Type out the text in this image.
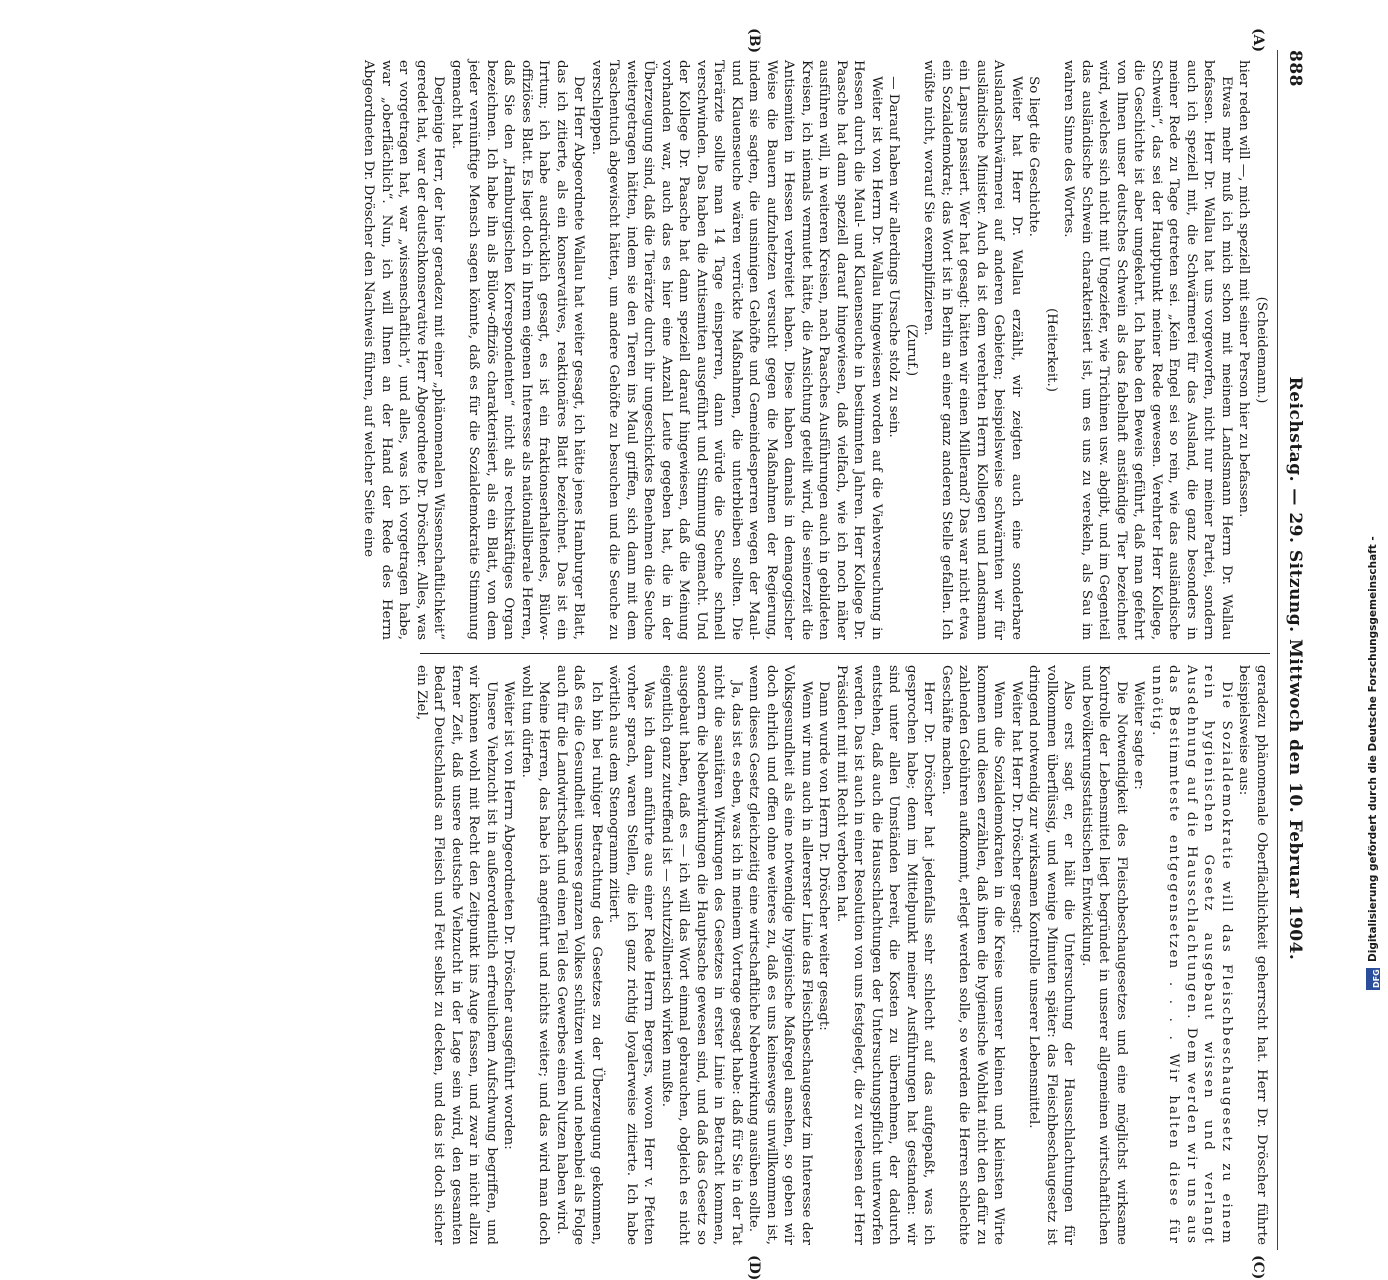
888
Reichstag. — 29. Sitzung. Mittwoch den 10. Februar 1904.
(A)
(B)
(C)
(D)

(Scheidemann.)

hier reden will —, mich speziell mit seiner Person hier zu befassen.

Etwas mehr muß ich mich schon mit meinem Landsmann Herrn Dr. Wallau befassen. Herr Dr. Wallau hat uns vorgeworfen, nicht nur meiner Partei, sondern auch ich speziell mit, die Schwärmerei für das Ausland, die ganz besonders in meiner Rede zu Tage getreten sei. „Kein Engel sei so rein, wie das ausländische Schwein“, das sei der Hauptpunkt meiner Rede gewesen. Verehrter Herr Kollege, die Geschichte ist aber umgekehrt. Ich habe den Beweis geführt, daß man gefehrt von Ihnen unser deutsches Schwein als das fabelhaft anständige Tier bezeichnet wird, welches sich nicht mit Ungeziefer, wie Trichinen usw. abgibt, und im Gegenteil das ausländische Schwein charakterisiert ist, um es uns zu verekeln, als Sau im wahren Sinne des Wortes.

(Heiterkeit.)

So liegt die Geschichte.

Weiter hat Herr Dr. Wallau erzählt, wir zeigten auch eine sonderbare Auslandsschwärmerei auf anderen Gebieten; beispielsweise schwärmten wir für ausländische Minister. Auch da ist dem verehrten Herrn Kollegen und Landsmann ein Lapsus passiert. Wer hat gesagt: hätten wir einen Millerand? Das war nicht etwa ein Sozialdemokrat; das Wort ist in Berlin an einer ganz anderen Stelle gefallen. Ich wüßte nicht, worauf Sie exemplifizieren.

(Zuruf.)

— Darauf haben wir allerdings Ursache stolz zu sein.

Weiter ist von Herrn Dr. Wallau hingewiesen worden auf die Viehverseuchung in Hessen durch die Maul- und Klauenseuche in bestimmten Jahren. Herr Kollege Dr. Paasche hat dann speziell darauf hingewiesen, daß vielfach, wie ich noch näher ausführen will, in weiteren Kreisen, nach Paasches Ausführungen auch in gebildeten Kreisen, ich niemals vermutet hätte, die Ansichtung geteilt wird, die seinerzeit die Antisemiten in Hessen verbreitet haben. Diese haben damals in demagogischer Weise die Bauern aufzuhetzen versucht gegen die Maßnahmen der Regierung, indem sie sagten, die unsinnigen Gehöfte und Gemeindesperren wegen der Maul- und Klauenseuche wären verrückte Maßnahmen, die unterbleiben sollten. Die Tierärzte sollte man 14 Tage einsperren, dann würde die Seuche schnell verschwinden. Das haben die Antisemiten ausgeführt und Stimmung gemacht. Und der Kollege Dr. Paasche hat dann speziell darauf hingewiesen, daß die Meinung vorhanden war, auch das es hier eine Anzahl Leute gegeben hat, die in der Überzeugung sind, daß die Tierärzte durch ihr ungeschicktes Benehmen die Seuche weitergetragen hätten, indem sie den Tieren ins Maul griffen, sich dann mit dem Taschentuch abgewischt hätten, um andere Gehöfte zu besuchen und die Seuche zu verschleppen.

Der Herr Abgeordnete Wallau hat weiter gesagt, ich hätte jenes Hamburger Blatt, das ich zitierte, als ein konservatives, reaktionäres Blatt bezeichnet. Das ist ein Irrtum; ich habe ausdrücklich gesagt, es ist ein fraktionserhaltendes, Bülow-offiziöses Blatt. Es liegt doch in Ihrem eigenen Interesse als nationalliberale Herren, daß Sie den „Hamburgischen Korrespondenten“ nicht als rechtskräftiges Organ bezeichnen. Ich habe ihn als Bülow-offiziös charakterisiert, als ein Blatt, von dem jeder vernünftige Mensch sagen könnte, daß es für die Sozialdemokratie Stimmung gemacht hat.

Derjenige Herr, der hier geradezu mit einer „phänomenalen Wissenschaftlichkeit“ geredet hat, war der deutschkonservative Herr Abgeordnete Dr. Dröscher. Alles, was er vorgetragen hat, war „wissenschaftlich“, und alles, was ich vorgetragen habe, war „oberflächlich“. Nun, ich will Ihnen an der Hand der Rede des Herrn Abgeordneten Dr. Dröscher den Nachweis führen, auf welcher Seite eine

geradezu phänomenale Oberflächlichkeit geherrscht hat. Herr Dr. Dröscher führte beispielsweise aus:

Die Sozialdemokratie will das Fleischbeschaugesetz zu einem rein hygienischen Gesetz ausgebaut wissen und verlangt Ausdehnung auf die Hausschlachtungen. Dem werden wir uns aus das Bestimmteste entgegensetzen . . . . Wir halten diese für unnötig.

Weiter sagte er:

Die Notwendigkeit des Fleischbeschaugesetzes und eine möglichst wirksame Kontrolle der Lebensmittel liegt begründet in unserer allgemeinen wirtschaftlichen und bevölkerungsstatistischen Entwicklung.

Also erst sagt er, er hält die Untersuchung der Hausschlachtungen für vollkommen überflüssig, und wenige Minuten später: das Fleischbeschaugesetz ist dringend notwendig zur wirksamen Kontrolle unserer Lebensmittel.

Weiter hat Herr Dr. Dröscher gesagt:

Wenn die Sozialdemokraten in die Kreise unserer kleinen und kleinsten Wirte kommen und diesen erzählen, daß ihnen die hygienische Wohltat nicht den dafür zu zahlenden Gebühren aufkommt, erlegt werden solle, so werden die Herren schlechte Geschäfte machen.

Herr Dr. Dröscher hat jedenfalls sehr schlecht auf das aufgepaßt, was ich gesprochen habe; denn im Mittelpunkt meiner Ausführungen hat gestanden: wir sind unter allen Umständen bereit, die Kosten zu übernehmen, der dadurch entstehen, daß auch die Hausschlachtungen der Untersuchungspflicht unterworfen werden. Das ist auch in einer Resolution von uns festgelegt, die zu verlesen der Herr Präsident mit mit Recht verboten hat.

Dann wurde von Herrn Dr. Dröscher weiter gesagt:

Wenn wir nun auch in allererster Linie das Fleischbeschaugesetz im Interesse der Volksgesundheit als eine notwendige hygienische Maßregel ansehen, so geben wir doch ehrlich und offen ohne weiteres zu, daß es uns keineswegs unwillkommen ist, wenn dieses Gesetz gleichzeitig eine wirtschaftliche Nebenwirkung ausüben sollte.

Ja, das ist es eben, was ich in meinem Vortrage gesagt habe: daß für Sie in der Tat nicht die sanitären Wirkungen des Gesetzes in erster Linie in Betracht kommen, sondern die Nebenwirkungen die Hauptsache gewesen sind, und daß das Gesetz so ausgebaut haben, daß es — ich will das Wort einmal gebrauchen, obgleich es nicht eigentlich ganz zutreffend ist — schutzzöllnerisch wirken mußte.

Was ich dann anführte aus einer Rede Herrn Bergers, wovon Herr v. Pfetten vorher sprach, waren Stellen, die ich ganz richtig loyalerweise zitierte. Ich habe wörtlich aus dem Stenogramm zitiert.

Ich bin bei ruhiger Betrachtung des Gesetzes zu der Überzeugung gekommen, daß es die Gesundheit unseres ganzen Volkes schützen wird und nebenbei als Folge auch für die Landwirtschaft und einen Teil des Gewerbes einen Nutzen haben wird.

Meine Herren, das habe ich angeführt und nichts weiter; und das wird man doch wohl tun dürfen.

Weiter ist von Herrn Abgeordneten Dr. Dröscher ausgeführt worden:

Unsere Viehzucht ist in außerordentlich erfreulichem Aufschwung begriffen, und wir können wohl mit Recht den Zeitpunkt ins Auge fassen, und zwar in nicht allzu ferner Zeit, daß unsere deutsche Viehzucht in der Lage sein wird, den gesamten Bedarf Deutschlands an Fleisch und Fett selbst zu decken, und das ist doch sicher ein Ziel,

DFG
Digitalisierung gefördert durch die Deutsche Forschungsgemeinschaft -
